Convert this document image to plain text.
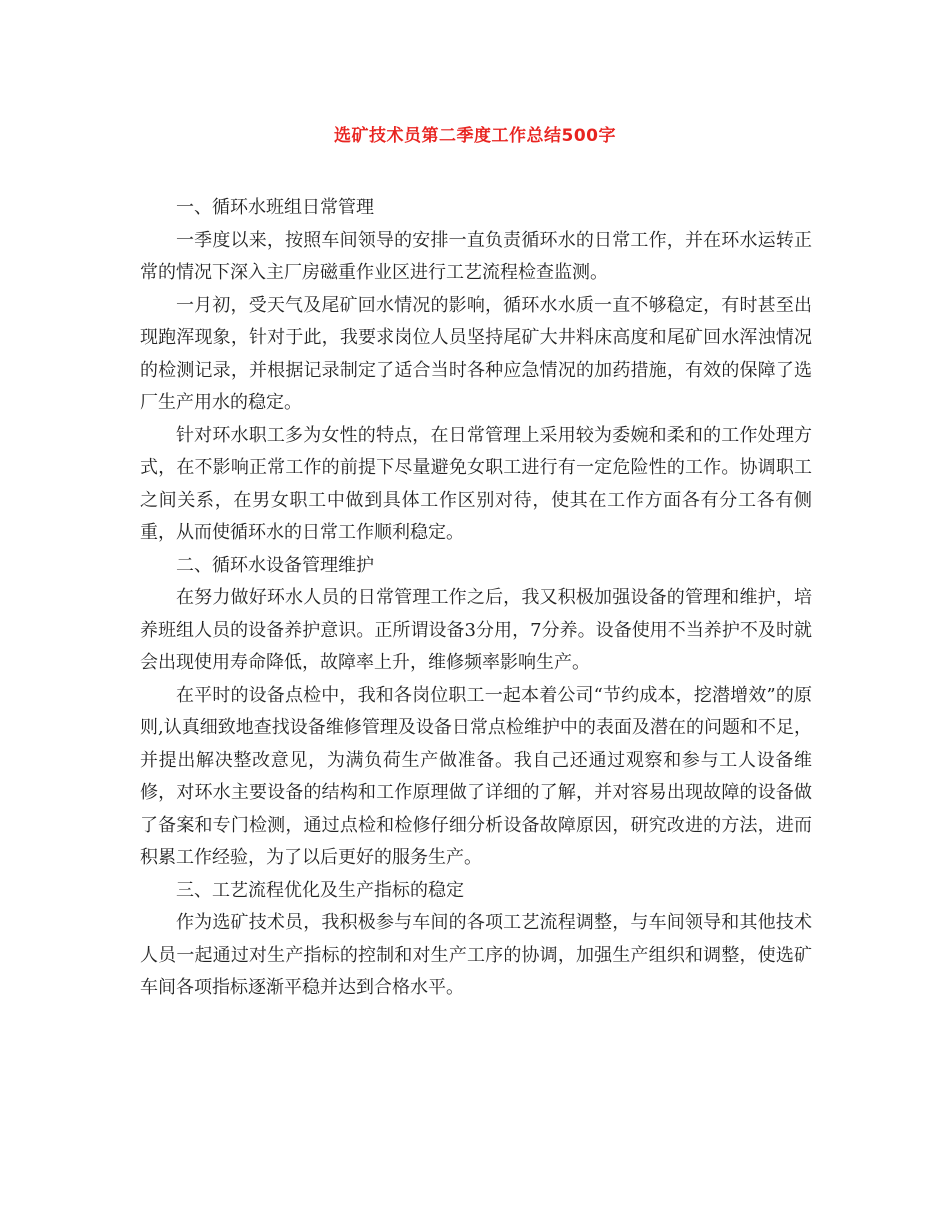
选矿技术员第二季度工作总结500字

一、循环水班组日常管理

一季度以来，按照车间领导的安排一直负责循环水的日常工作，并在环水运转正常的情况下深入主厂房磁重作业区进行工艺流程检查监测。

一月初，受天气及尾矿回水情况的影响，循环水水质一直不够稳定，有时甚至出现跑浑现象，针对于此，我要求岗位人员坚持尾矿大井料床高度和尾矿回水浑浊情况的检测记录，并根据记录制定了适合当时各种应急情况的加药措施，有效的保障了选厂生产用水的稳定。

针对环水职工多为女性的特点，在日常管理上采用较为委婉和柔和的工作处理方式，在不影响正常工作的前提下尽量避免女职工进行有一定危险性的工作。协调职工之间关系，在男女职工中做到具体工作区别对待，使其在工作方面各有分工各有侧重，从而使循环水的日常工作顺利稳定。

二、循环水设备管理维护

在努力做好环水人员的日常管理工作之后，我又积极加强设备的管理和维护，培养班组人员的设备养护意识。正所谓设备3分用，7分养。设备使用不当养护不及时就会出现使用寿命降低，故障率上升，维修频率影响生产。

在平时的设备点检中，我和各岗位职工一起本着公司“节约成本，挖潜增效”的原则,认真细致地查找设备维修管理及设备日常点检维护中的表面及潜在的问题和不足，并提出解决整改意见，为满负荷生产做准备。我自己还通过观察和参与工人设备维修，对环水主要设备的结构和工作原理做了详细的了解，并对容易出现故障的设备做了备案和专门检测，通过点检和检修仔细分析设备故障原因，研究改进的方法，进而积累工作经验，为了以后更好的服务生产。

三、工艺流程优化及生产指标的稳定

作为选矿技术员，我积极参与车间的各项工艺流程调整，与车间领导和其他技术人员一起通过对生产指标的控制和对生产工序的协调，加强生产组织和调整，使选矿车间各项指标逐渐平稳并达到合格水平。
